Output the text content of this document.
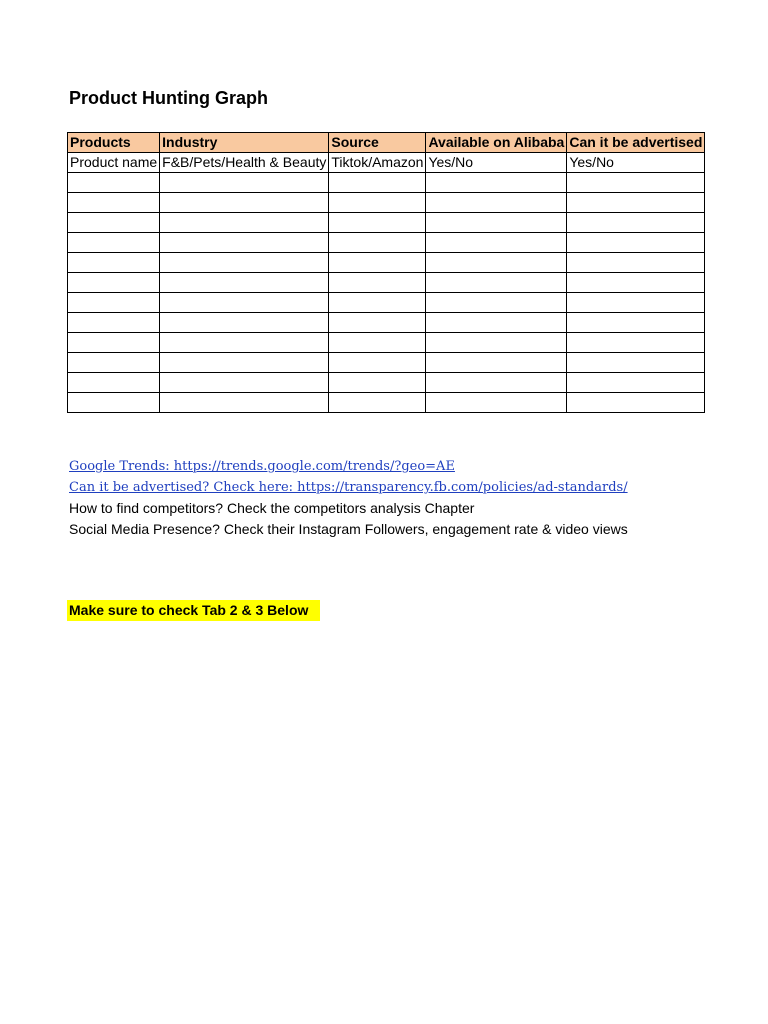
Product Hunting Graph
Products	Industry	Source	Available on Alibaba	Can it be advertised
Product name	F&B/Pets/Health & Beauty	Tiktok/Amazon	Yes/No	Yes/No

Google Trends: https://trends.google.com/trends/?geo=AE
Can it be advertised? Check here: https://transparency.fb.com/policies/ad-standards/
How to find competitors? Check the competitors analysis Chapter
Social Media Presence? Check their Instagram Followers, engagement rate & video views
Make sure to check Tab 2 & 3 Below
